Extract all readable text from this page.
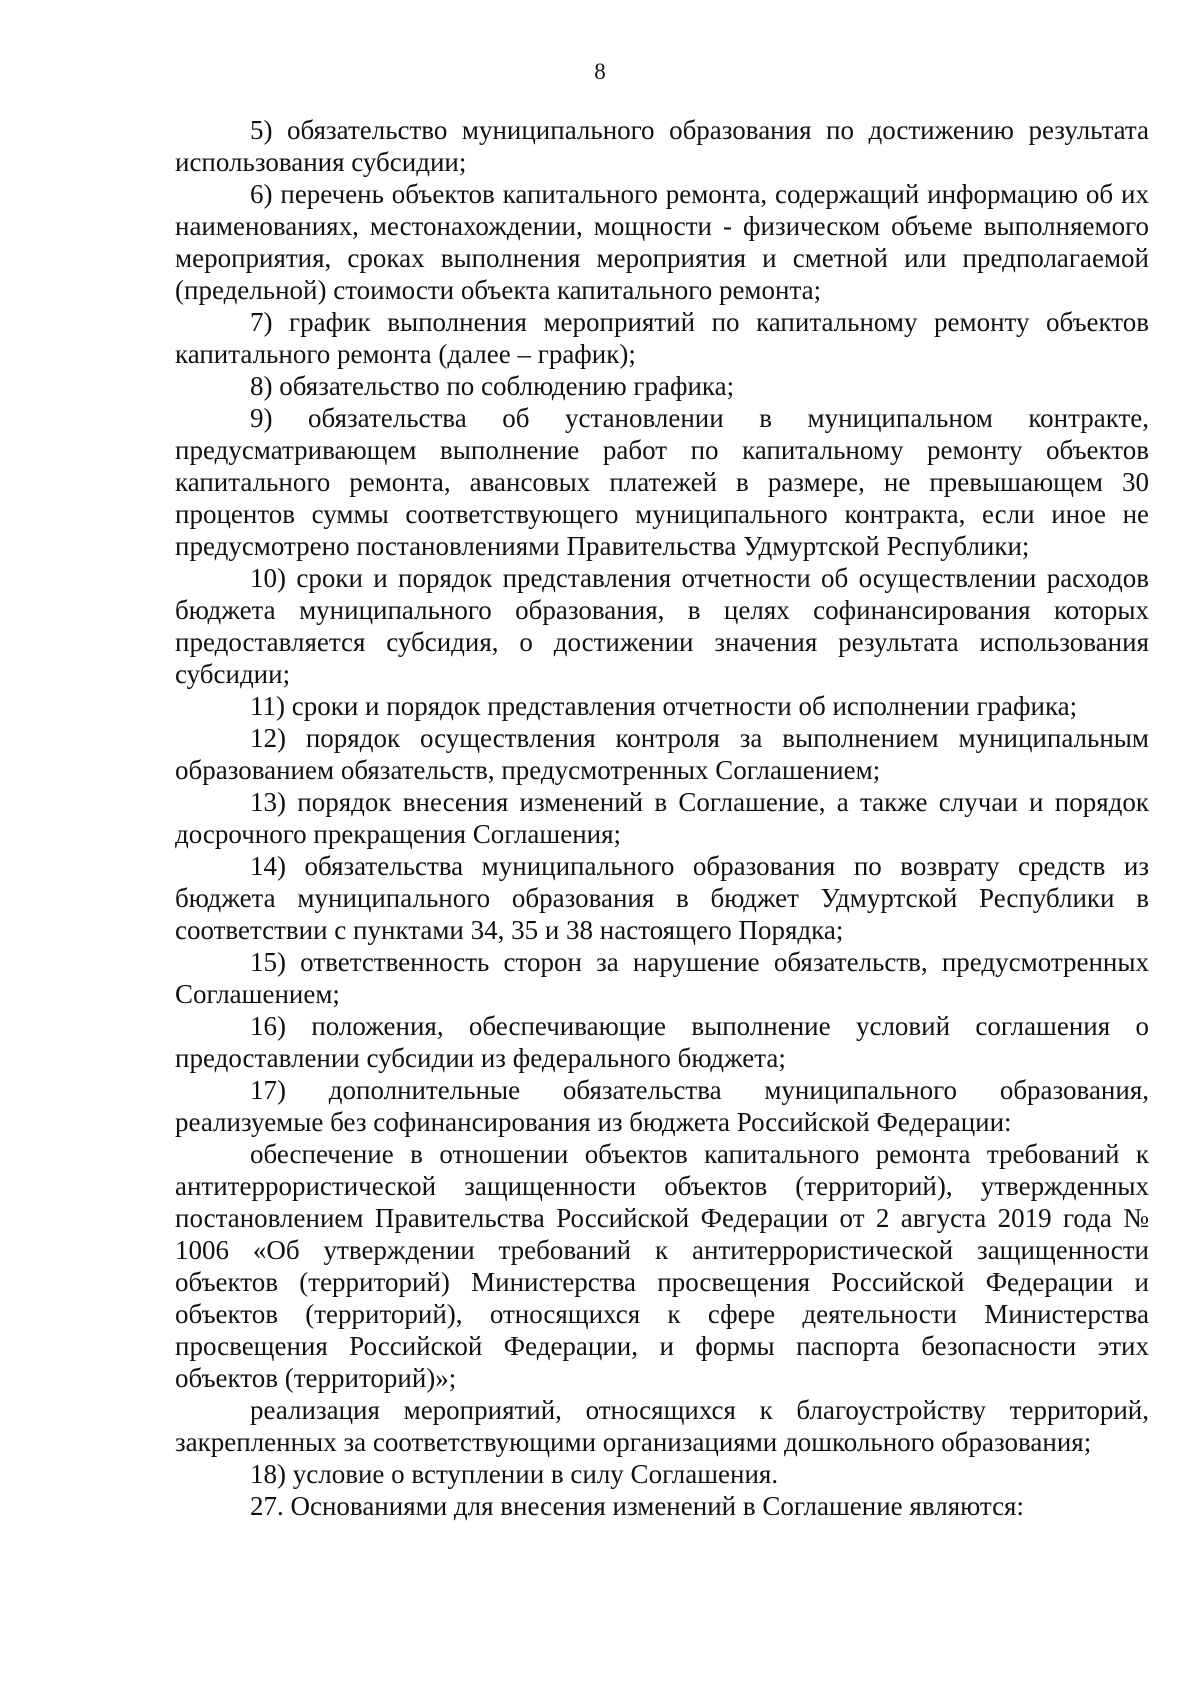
8

5) обязательство муниципального образования по достижению результата использования субсидии;

6) перечень объектов капитального ремонта, содержащий информацию об их наименованиях, местонахождении, мощности - физическом объеме выполняемого мероприятия, сроках выполнения мероприятия и сметной или предполагаемой (предельной) стоимости объекта капитального ремонта;

7) график выполнения мероприятий по капитальному ремонту объектов капитального ремонта (далее – график);

8) обязательство по соблюдению графика;

9) обязательства об установлении в муниципальном контракте, предусматривающем выполнение работ по капитальному ремонту объектов капитального ремонта, авансовых платежей в размере, не превышающем 30 процентов суммы соответствующего муниципального контракта, если иное не предусмотрено постановлениями Правительства Удмуртской Республики;

10) сроки и порядок представления отчетности об осуществлении расходов бюджета муниципального образования, в целях софинансирования которых предоставляется субсидия, о достижении значения результата использования субсидии;

11) сроки и порядок представления отчетности об исполнении графика;

12) порядок осуществления контроля за выполнением муниципальным образованием обязательств, предусмотренных Соглашением;

13) порядок внесения изменений в Соглашение, а также случаи и порядок досрочного прекращения Соглашения;

14) обязательства муниципального образования по возврату средств из бюджета муниципального образования в бюджет Удмуртской Республики в соответствии с пунктами 34, 35 и 38 настоящего Порядка;

15) ответственность сторон за нарушение обязательств, предусмотренных Соглашением;

16) положения, обеспечивающие выполнение условий соглашения о предоставлении субсидии из федерального бюджета;

17) дополнительные обязательства муниципального образования, реализуемые без софинансирования из бюджета Российской Федерации:

обеспечение в отношении объектов капитального ремонта требований к антитеррористической защищенности объектов (территорий), утвержденных постановлением Правительства Российской Федерации от 2 августа 2019 года № 1006 «Об утверждении требований к антитеррористической защищенности объектов (территорий) Министерства просвещения Российской Федерации и объектов (территорий), относящихся к сфере деятельности Министерства просвещения Российской Федерации, и формы паспорта безопасности этих объектов (территорий)»;

реализация мероприятий, относящихся к благоустройству территорий, закрепленных за соответствующими организациями дошкольного образования;

18) условие о вступлении в силу Соглашения.

27. Основаниями для внесения изменений в Соглашение являются:
